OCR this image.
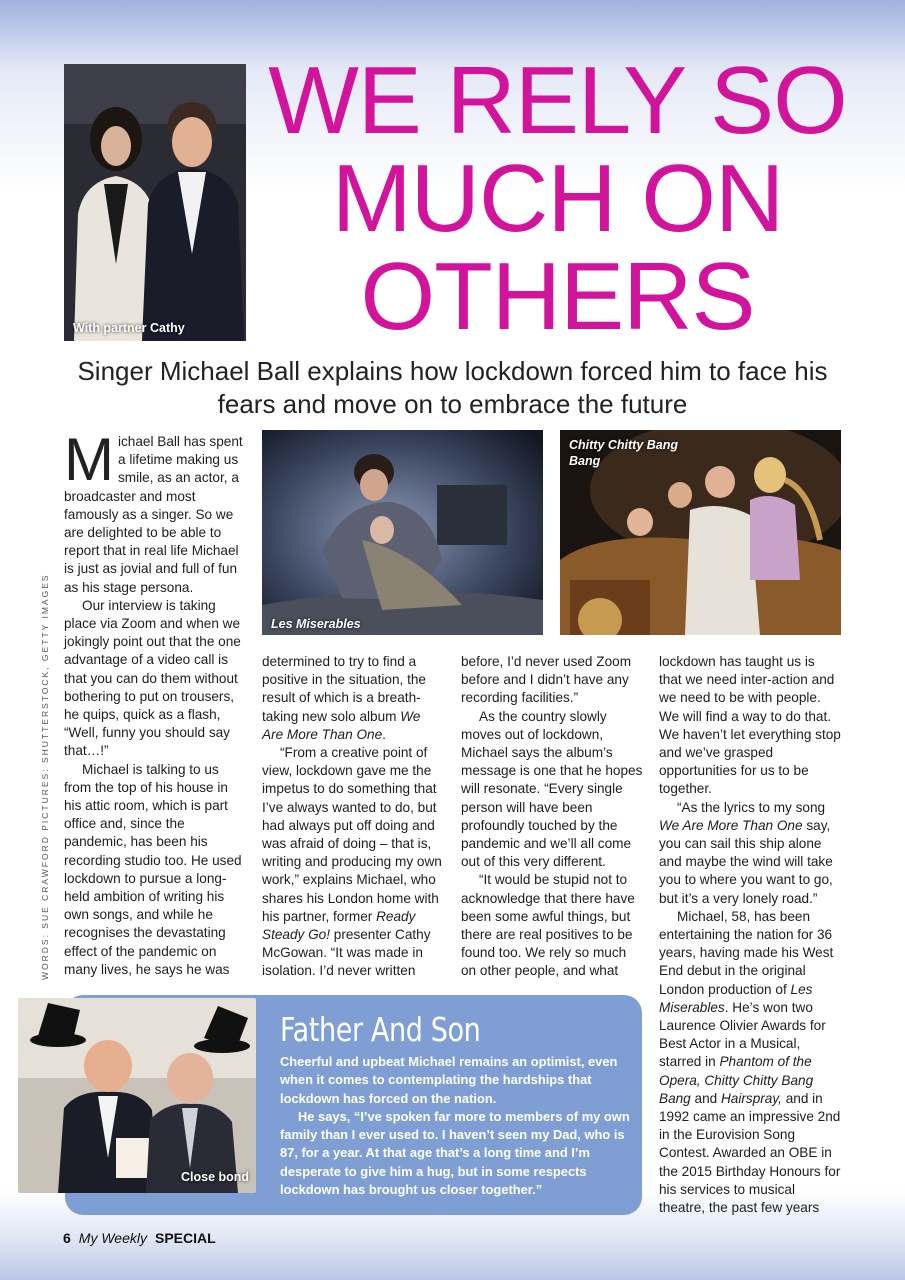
With partner Cathy
WE RELY SO
MUCH ON
OTHERS
Singer Michael Ball explains how lockdown forced him to face his fears and move on to embrace the future
WORDS: SUE CRAWFORD PICTURES: SHUTTERSTOCK, GETTY IMAGES	Les Miserables
Chitty Chitty Bang Bang

Michael Ball has spent a lifetime making us smile, as an actor, a broadcaster and most famously as a singer. So we are delighted to be able to report that in real life Michael is just as jovial and full of fun as his stage persona.

Our interview is taking place via Zoom and when we jokingly point out that the one advantage of a video call is that you can do them without bothering to put on trousers, he quips, quick as a flash, “Well, funny you should say that…!”

Michael is talking to us from the top of his house in his attic room, which is part office and, since the pandemic, has been his recording studio too. He used lockdown to pursue a long-held ambition of writing his own songs, and while he recognises the devastating effect of the pandemic on many lives, he says he was

determined to try to find a positive in the situation, the result of which is a breath-taking new solo album We Are More Than One.

“From a creative point of view, lockdown gave me the impetus to do something that I’ve always wanted to do, but had always put off doing and was afraid of doing – that is, writing and producing my own work,” explains Michael, who shares his London home with his partner, former Ready Steady Go! presenter Cathy McGowan. “It was made in isolation. I’d never written

before, I’d never used Zoom before and I didn’t have any recording facilities.”

As the country slowly moves out of lockdown, Michael says the album’s message is one that he hopes will resonate. “Every single person will have been profoundly touched by the pandemic and we’ll all come out of this very different.

“It would be stupid not to acknowledge that there have been some awful things, but there are real positives to be found too. We rely so much on other people, and what

lockdown has taught us is that we need inter-action and we need to be with people. We will find a way to do that. We haven’t let everything stop and we’ve grasped opportunities for us to be together.

“As the lyrics to my song We Are More Than One say, you can sail this ship alone and maybe the wind will take you to where you want to go, but it’s a very lonely road.”

Michael, 58, has been entertaining the nation for 36 years, having made his West End debut in the original London production of Les Miserables. He’s won two Laurence Olivier Awards for Best Actor in a Musical, starred in Phantom of the Opera, Chitty Chitty Bang Bang and Hairspray, and in 1992 came an impressive 2nd in the Eurovision Song Contest. Awarded an OBE in the 2015 Birthday Honours for his services to musical theatre, the past few years

Close bond
Father And Son

Cheerful and upbeat Michael remains an optimist, even when it comes to contemplating the hardships that lockdown has forced on the nation.

He says, “I’ve spoken far more to members of my own family than I ever used to. I haven’t seen my Dad, who is 87, for a year. At that age that’s a long time and I’m desperate to give him a hug, but in some respects lockdown has brought us closer together.”

6 My Weekly SPECIAL
